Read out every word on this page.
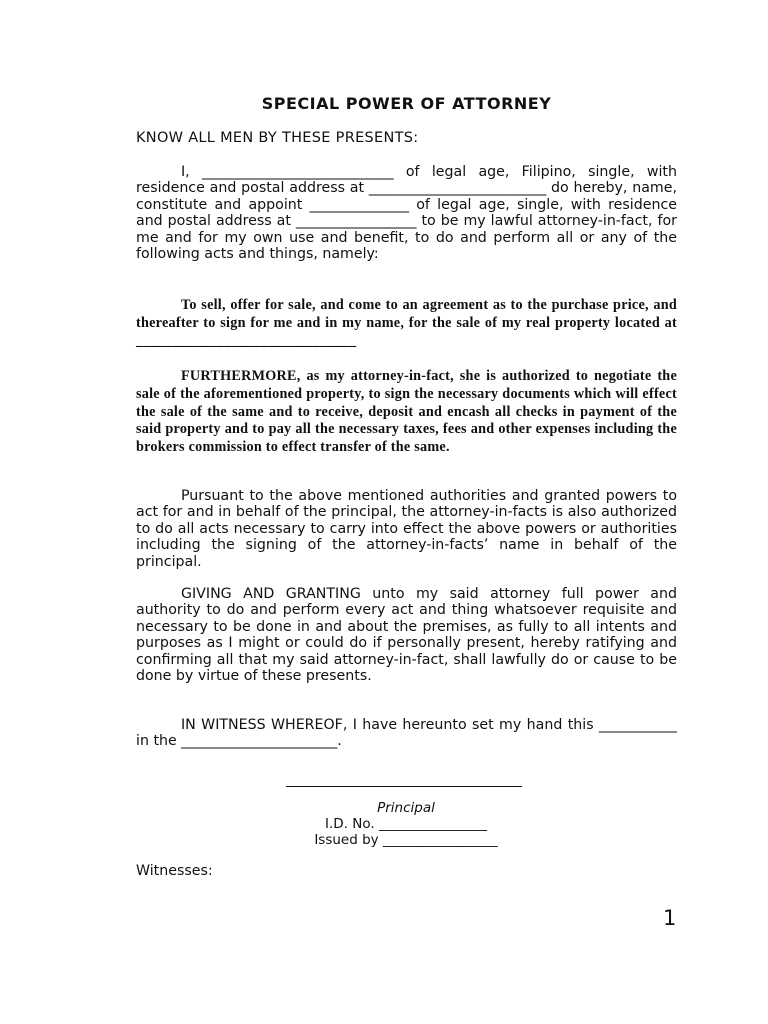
SPECIAL POWER OF ATTORNEY
KNOW ALL MEN BY THESE PRESENTS:

I, ___________________________ of legal age, Filipino, single, with residence and postal address at _________________________ do hereby, name, constitute and appoint ______________ of legal age, single, with residence and postal address at _________________ to be my lawful attorney-in-fact, for me and for my own use and benefit, to do and perform all or any of the following acts and things, namely:

To sell, offer for sale, and come to an agreement as to the purchase price, and thereafter to sign for me and in my name, for the sale of my real property located at ______________________________

FURTHERMORE, as my attorney-in-fact, she is authorized to negotiate the sale of the aforementioned property, to sign the necessary documents which will effect the sale of the same and to receive, deposit and encash all checks in payment of the said property and to pay all the necessary taxes, fees and other expenses including the brokers commission to effect transfer of the same.

Pursuant to the above mentioned authorities and granted powers to act for and in behalf of the principal, the attorney-in-facts is also authorized to do all acts necessary to carry into effect the above powers or authorities including the signing of the attorney-in-facts’ name in behalf of the principal.

GIVING AND GRANTING unto my said attorney full power and authority to do and perform every act and thing whatsoever requisite and necessary to be done in and about the premises, as fully to all intents and purposes as I might or could do if personally present, hereby ratifying and confirming all that my said attorney-in-fact, shall lawfully do or cause to be done by virtue of these presents.

IN WITNESS WHEREOF, I have hereunto set my hand this ___________ in the ______________________.

Principal
I.D. No. ________________
Issued by _________________
Witnesses:
1
